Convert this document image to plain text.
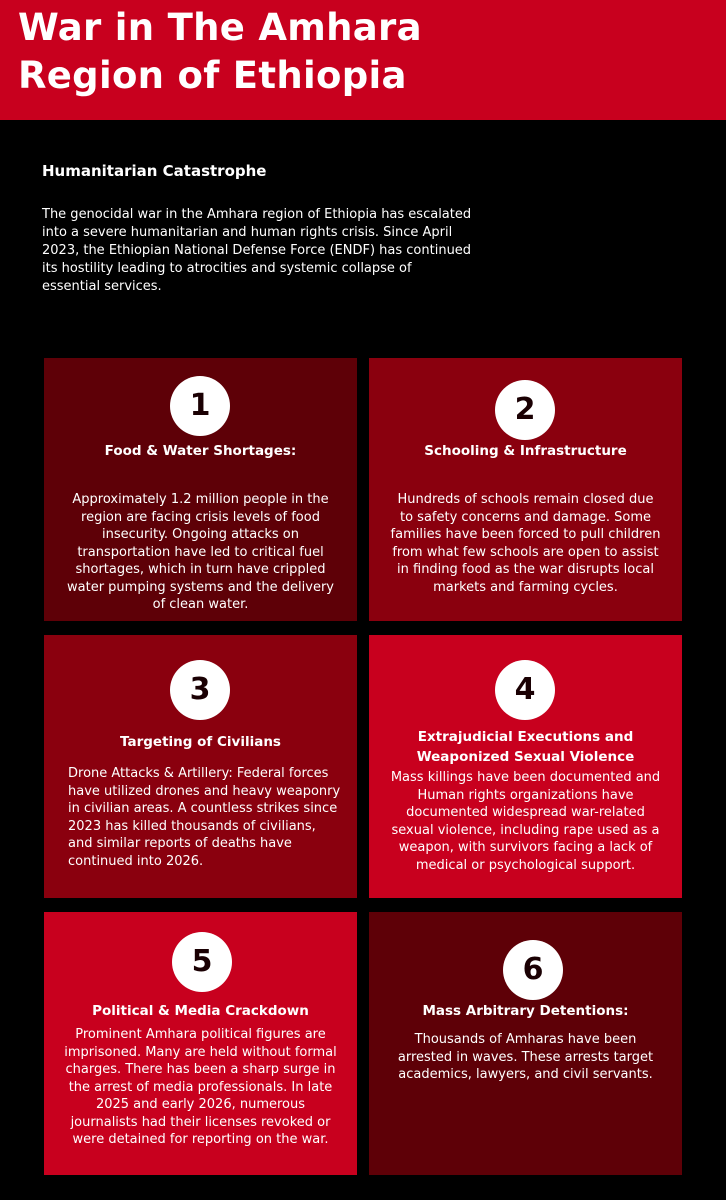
War in The Amhara
Region of Ethiopia
Humanitarian Catastrophe

The genocidal war in the Amhara region of Ethiopia has escalated into a severe humanitarian and human rights crisis. Since April 2023, the Ethiopian National Defense Force (ENDF) has continued its hostility leading to atrocities and systemic collapse of essential services.

1
Food & Water Shortages:

Approximately 1.2 million people in the region are facing crisis levels of food insecurity. Ongoing attacks on transportation have led to critical fuel shortages, which in turn have crippled water pumping systems and the delivery of clean water.

2
Schooling & Infrastructure

Hundreds of schools remain closed due to safety concerns and damage. Some families have been forced to pull children from what few schools are open to assist in finding food as the war disrupts local markets and farming cycles.

3
Targeting of Civilians

Drone Attacks & Artillery: Federal forces have utilized drones and heavy weaponry in civilian areas. A countless strikes since 2023 has killed thousands of civilians, and similar reports of deaths have continued into 2026.

4
Extrajudicial Executions and Weaponized Sexual Violence

Mass killings have been documented and Human rights organizations have documented widespread war-related sexual violence, including rape used as a weapon, with survivors facing a lack of medical or psychological support.

5
Political & Media Crackdown

Prominent Amhara political figures are imprisoned. Many are held without formal charges. There has been a sharp surge in the arrest of media professionals. In late 2025 and early 2026, numerous journalists had their licenses revoked or were detained for reporting on the war.

6
Mass Arbitrary Detentions:

Thousands of Amharas have been arrested in waves. These arrests target academics, lawyers, and civil servants.
